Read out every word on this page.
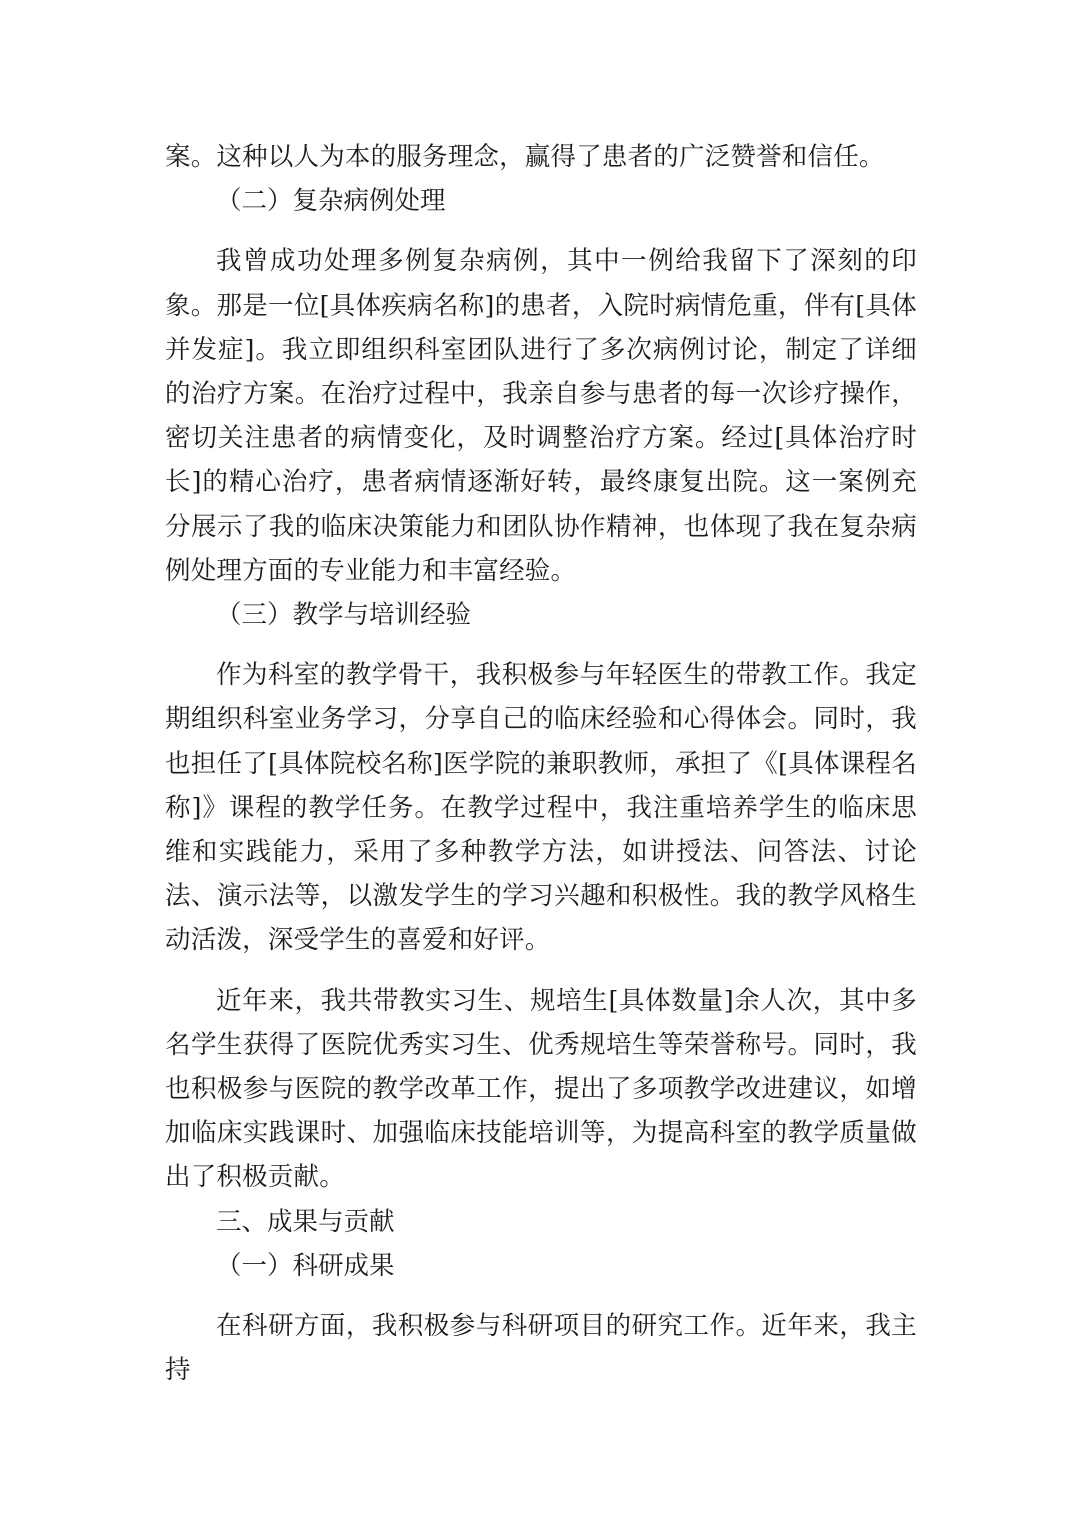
案。这种以人为本的服务理念，赢得了患者的广泛赞誉和信任。

（二）复杂病例处理

我曾成功处理多例复杂病例，其中一例给我留下了深刻的印象。那是一位[具体疾病名称]的患者，入院时病情危重，伴有[具体并发症]。我立即组织科室团队进行了多次病例讨论，制定了详细的治疗方案。在治疗过程中，我亲自参与患者的每一次诊疗操作，密切关注患者的病情变化，及时调整治疗方案。经过[具体治疗时长]的精心治疗，患者病情逐渐好转，最终康复出院。这一案例充分展示了我的临床决策能力和团队协作精神，也体现了我在复杂病例处理方面的专业能力和丰富经验。

（三）教学与培训经验

作为科室的教学骨干，我积极参与年轻医生的带教工作。我定期组织科室业务学习，分享自己的临床经验和心得体会。同时，我也担任了[具体院校名称]医学院的兼职教师，承担了《[具体课程名称]》课程的教学任务。在教学过程中，我注重培养学生的临床思维和实践能力，采用了多种教学方法，如讲授法、问答法、讨论法、演示法等，以激发学生的学习兴趣和积极性。我的教学风格生动活泼，深受学生的喜爱和好评。

近年来，我共带教实习生、规培生[具体数量]余人次，其中多名学生获得了医院优秀实习生、优秀规培生等荣誉称号。同时，我也积极参与医院的教学改革工作，提出了多项教学改进建议，如增加临床实践课时、加强临床技能培训等，为提高科室的教学质量做出了积极贡献。

三、成果与贡献

（一）科研成果

在科研方面，我积极参与科研项目的研究工作。近年来，我主持
